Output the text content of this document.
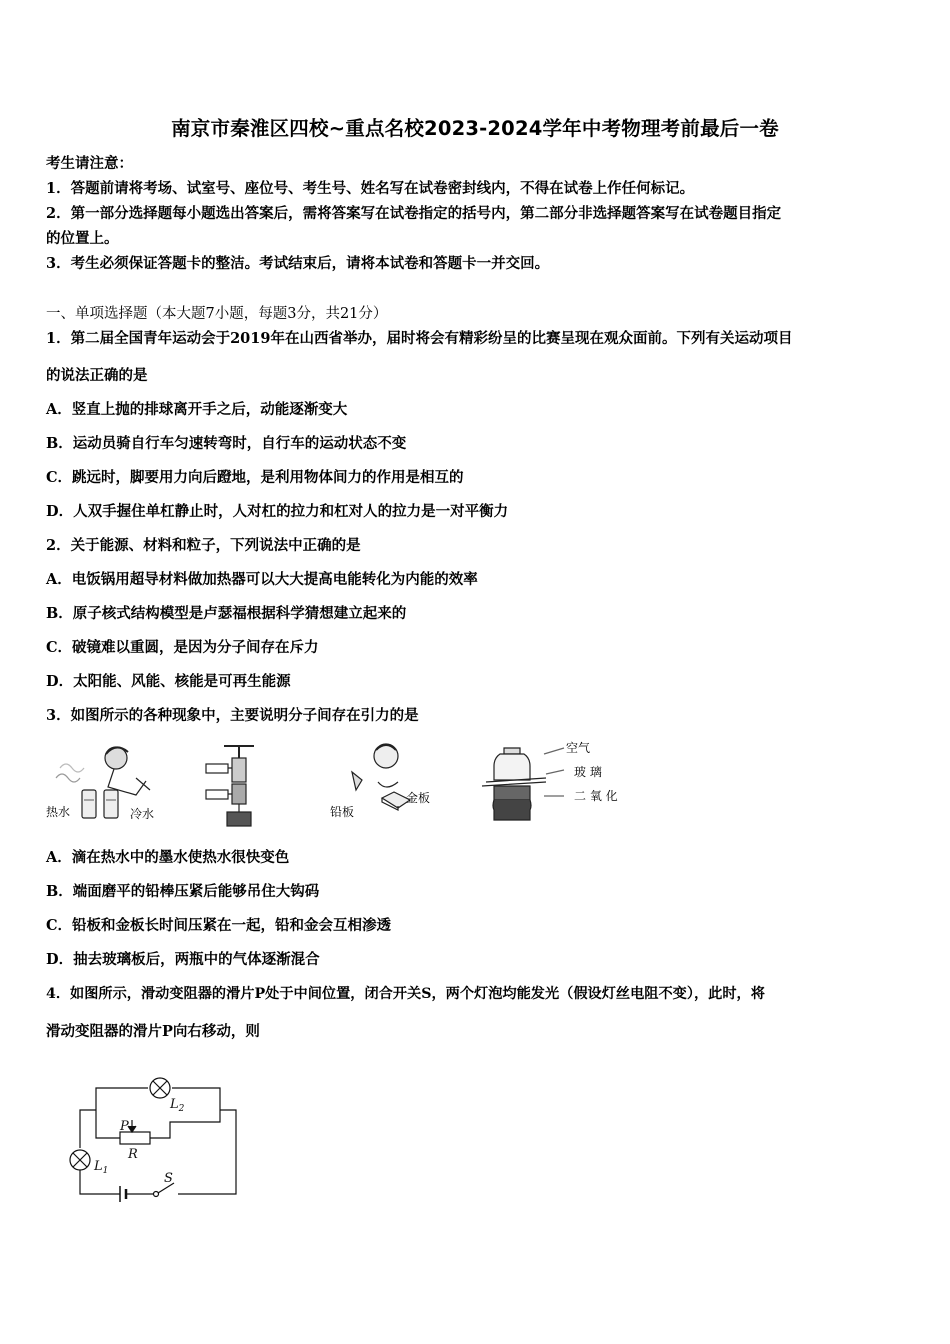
南京市秦淮区四校~重点名校2023-2024学年中考物理考前最后一卷
考生请注意：
1．答题前请将考场、试室号、座位号、考生号、姓名写在试卷密封线内，不得在试卷上作任何标记。
2．第一部分选择题每小题选出答案后，需将答案写在试卷指定的括号内，第二部分非选择题答案写在试卷题目指定
的位置上。
3．考生必须保证答题卡的整洁。考试结束后，请将本试卷和答题卡一并交回。
一、单项选择题（本大题7小题，每题3分，共21分）
1．第二届全国青年运动会于2019年在山西省举办，届时将会有精彩纷呈的比赛呈现在观众面前。下列有关运动项目
的说法正确的是
A．竖直上抛的排球离开手之后，动能逐渐变大
B．运动员骑自行车匀速转弯时，自行车的运动状态不变
C．跳远时，脚要用力向后蹬地，是利用物体间力的作用是相互的
D．人双手握住单杠静止时，人对杠的拉力和杠对人的拉力是一对平衡力
2．关于能源、材料和粒子，下列说法中正确的是
A．电饭锅用超导材料做加热器可以大大提高电能转化为内能的效率
B．原子核式结构模型是卢瑟福根据科学猜想建立起来的
C．破镜难以重圆，是因为分子间存在斥力
D．太阳能、风能、核能是可再生能源
3．如图所示的各种现象中，主要说明分子间存在引力的是
热水	冷水	铅板
金板
空气
玻 璃
二 氧 化
A．滴在热水中的墨水使热水很快变色
B．端面磨平的铅棒压紧后能够吊住大钩码
C．铅板和金板长时间压紧在一起，铅和金会互相渗透
D．抽去玻璃板后，两瓶中的气体逐渐混合
4．如图所示，滑动变阻器的滑片P处于中间位置，闭合开关S，两个灯泡均能发光（假设灯丝电阻不变），此时，将
滑动变阻器的滑片P向右移动，则
$L_2$
$L_1$
P
R
S
